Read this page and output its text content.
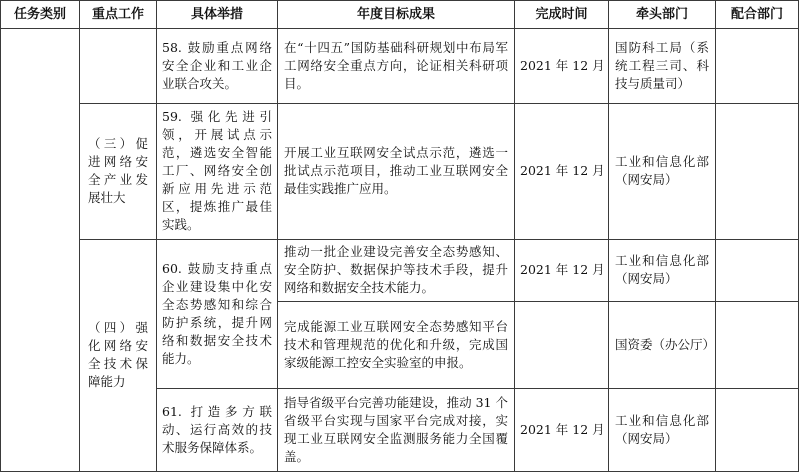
任务类别	重点工作	具体举措	年度目标成果	完成时间	牵头部门	配合部门
		58. 鼓励重点网络安全企业和工业企业联合攻关。	在“十四五”国防基础科研规划中布局军工网络安全重点方向，论证相关科研项目。	2021 年 12 月	国防科工局（系统工程三司、科技与质量司）	

	（三）促进网络安全产业发展壮大	59. 强化先进引领，开展试点示范，遴选安全智能工厂、网络安全创新应用先进示范区，提炼推广最佳实践。	开展工业互联网安全试点示范，遴选一批试点示范项目，推动工业互联网安全最佳实践推广应用。	2021 年 12 月	工业和信息化部（网安局）	

	（四）强化网络安全技术保障能力	60. 鼓励支持重点企业建设集中化安全态势感知和综合防护系统，提升网络和数据安全技术能力。	推动一批企业建设完善安全态势感知、安全防护、数据保护等技术手段，提升网络和数据安全技术能力。	2021 年 12 月	工业和信息化部（网安局）	
			完成能源工业互联网安全态势感知平台技术和管理规范的优化和升级，完成国家级能源工控安全实验室的申报。		国资委（办公厅）	
		61. 打造多方联动、运行高效的技术服务保障体系。	指导省级平台完善功能建设，推动 31 个省级平台实现与国家平台完成对接，实现工业互联网安全监测服务能力全国覆盖。	2021 年 12 月	工业和信息化部（网安局）	
